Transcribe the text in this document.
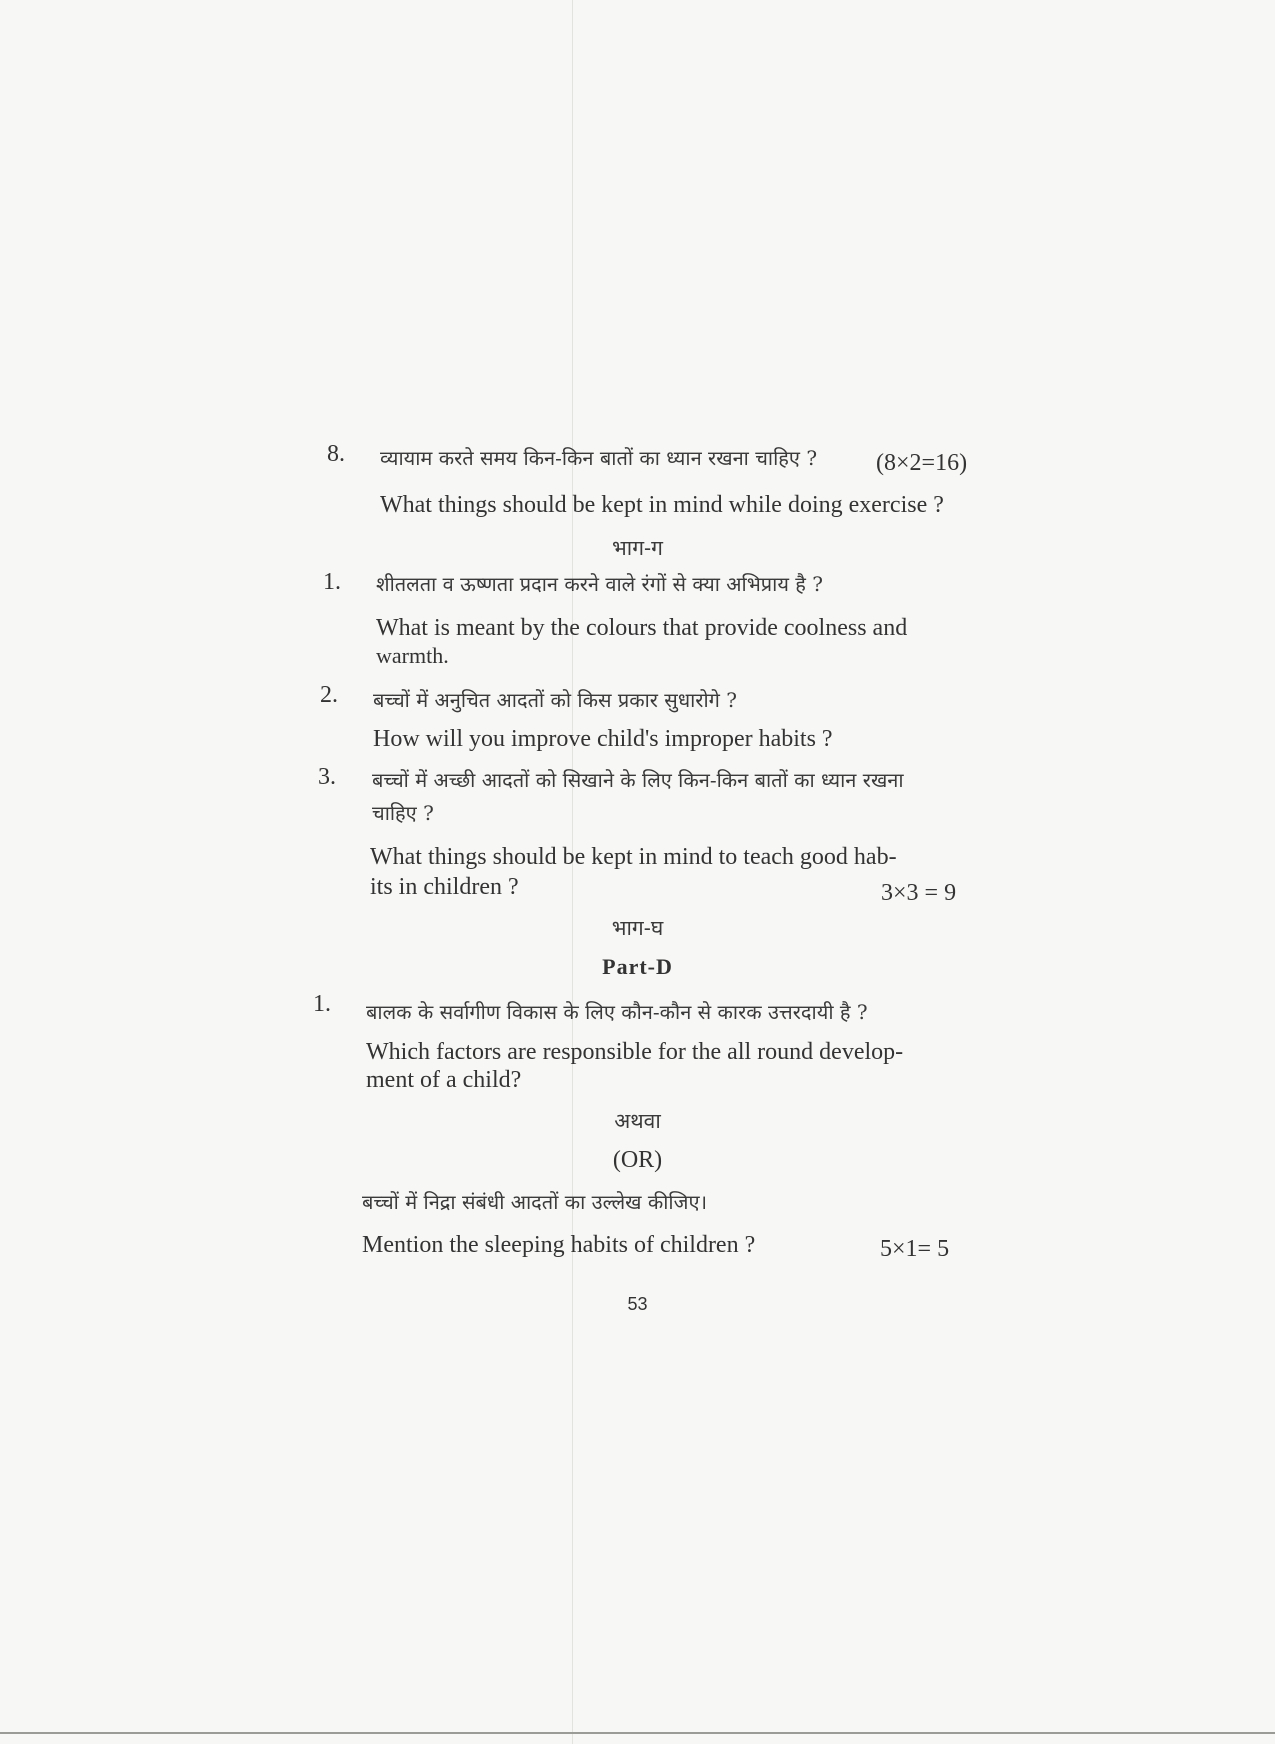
8. व्यायाम करते समय किन-किन बातों का ध्यान रखना चाहिए ? (8×2=16)
What things should be kept in mind while doing exercise ?
भाग-ग
1. शीतलता व ऊष्णता प्रदान करने वाले रंगों से क्या अभिप्राय है ?
What is meant by the colours that provide coolness and
warmth.
2. बच्चों में अनुचित आदतों को किस प्रकार सुधारोगे ?
How will you improve child's improper habits ?
3. बच्चों में अच्छी आदतों को सिखाने के लिए किन-किन बातों का ध्यान रखना
चाहिए ?
What things should be kept in mind to teach good hab-
its in children ?	3×3 = 9
भाग-घ
Part-D
1. बालक के सर्वागीण विकास के लिए कौन-कौन से कारक उत्तरदायी है ?
Which factors are responsible for the all round develop-
ment of a child?
अथवा
(OR)
बच्चों में निद्रा संबंधी आदतों का उल्लेख कीजिए।
Mention the sleeping habits of children ?	5×1= 5
53
